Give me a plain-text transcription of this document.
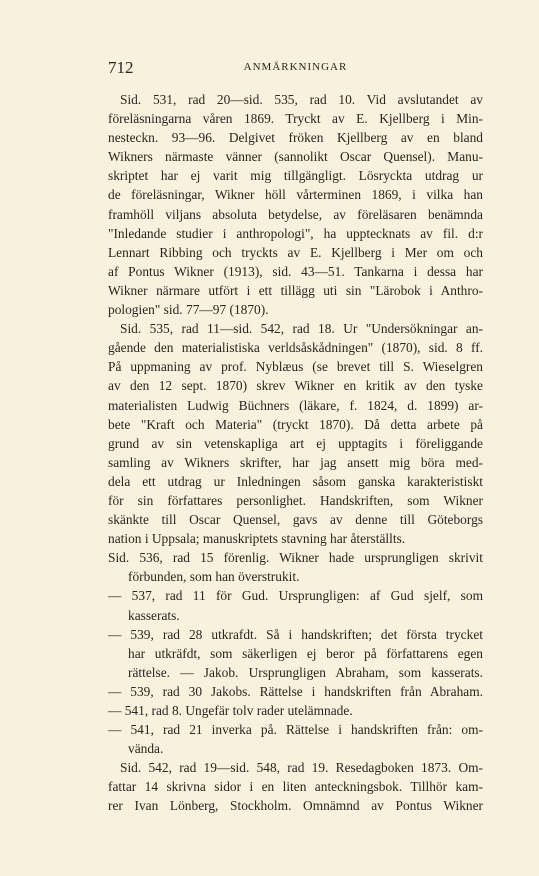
712	ANMÄRKNINGAR
Sid. 531, rad 20—sid. 535, rad 10. Vid avslutandet av
föreläsningarna våren 1869. Tryckt av E. Kjellberg i Min-
nesteckn. 93—96. Delgivet fröken Kjellberg av en bland
Wikners närmaste vänner (sannolikt Oscar Quensel). Manu-
skriptet har ej varit mig tillgängligt. Lösryckta utdrag ur
de föreläsningar, Wikner höll vårterminen 1869, i vilka han
framhöll viljans absoluta betydelse, av föreläsaren benämnda
"Inledande studier i anthropologi", ha upptecknats av fil. d:r
Lennart Ribbing och tryckts av E. Kjellberg i Mer om och
af Pontus Wikner (1913), sid. 43—51. Tankarna i dessa har
Wikner närmare utfört i ett tillägg uti sin "Lärobok i Anthro-
pologien" sid. 77—97 (1870).
Sid. 535, rad 11—sid. 542, rad 18. Ur "Undersökningar an-
gående den materialistiska verldsåskådningen" (1870), sid. 8 ff.
På uppmaning av prof. Nyblæus (se brevet till S. Wieselgren
av den 12 sept. 1870) skrev Wikner en kritik av den tyske
materialisten Ludwig Büchners (läkare, f. 1824, d. 1899) ar-
bete "Kraft och Materia" (tryckt 1870). Då detta arbete på
grund av sin vetenskapliga art ej upptagits i föreliggande
samling av Wikners skrifter, har jag ansett mig böra med-
dela ett utdrag ur Inledningen såsom ganska karakteristiskt
för sin författares personlighet. Handskriften, som Wikner
skänkte till Oscar Quensel, gavs av denne till Göteborgs
nation i Uppsala; manuskriptets stavning har återställts.
Sid. 536, rad 15 förenlig. Wikner hade ursprungligen skrivit
förbunden, som han överstrukit.
— 537, rad 11 för Gud. Ursprungligen: af Gud sjelf, som
kasserats.
— 539, rad 28 utkrafdt. Så i handskriften; det första trycket
har utkräfdt, som säkerligen ej beror på författarens egen
rättelse. — Jakob. Ursprungligen Abraham, som kasserats.
— 539, rad 30 Jakobs. Rättelse i handskriften från Abraham.
— 541, rad 8. Ungefär tolv rader utelämnade.
— 541, rad 21 inverka på. Rättelse i handskriften från: om-
vända.
Sid. 542, rad 19—sid. 548, rad 19. Resedagboken 1873. Om-
fattar 14 skrivna sidor i en liten anteckningsbok. Tillhör kam-
rer Ivan Lönberg, Stockholm. Omnämnd av Pontus Wikner
